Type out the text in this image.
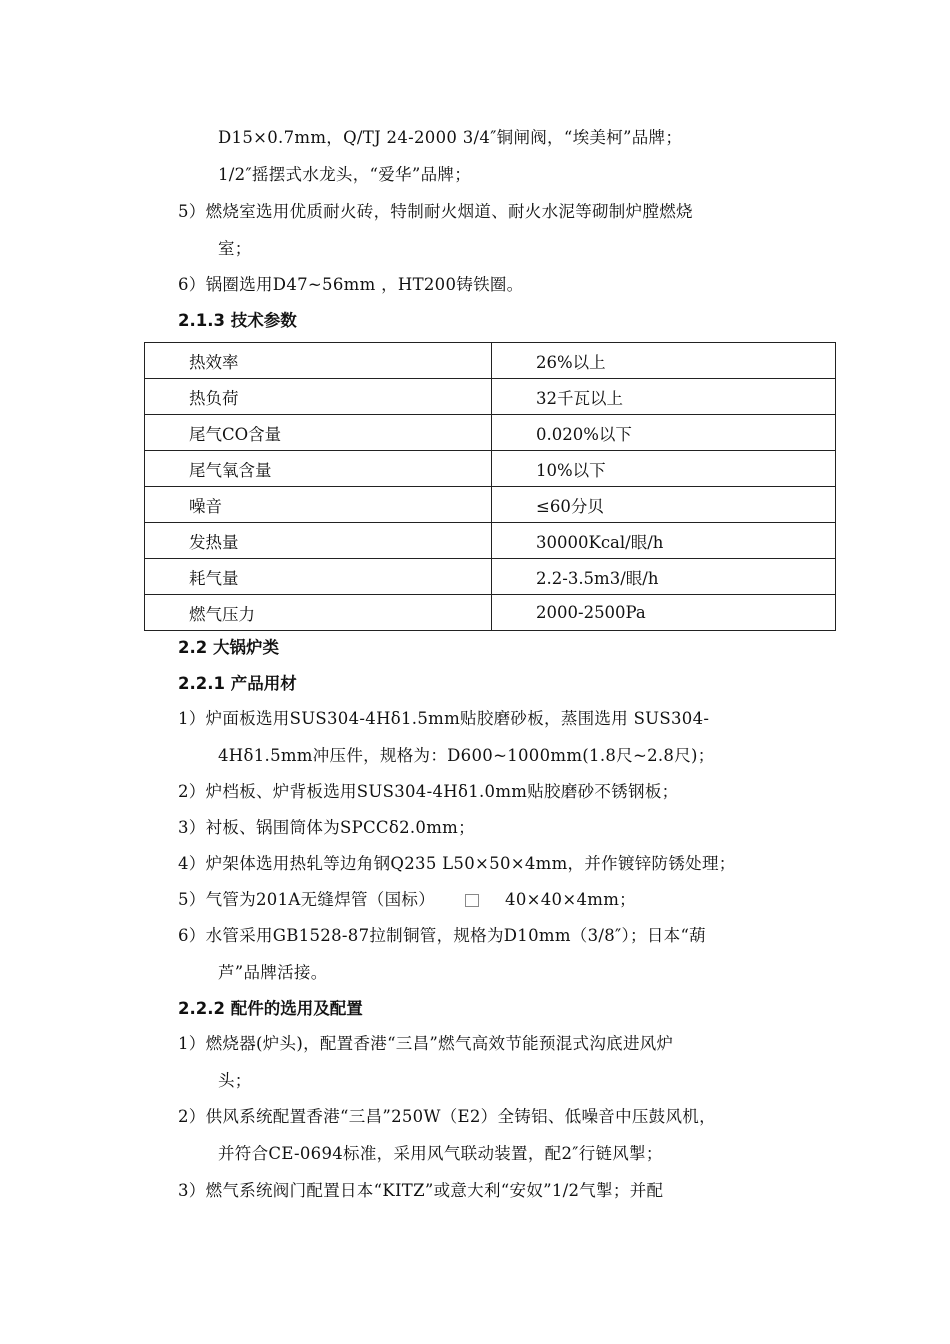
D15×0.7mm，Q/TJ 24-2000 3/4″铜闸阀，“埃美柯”品牌；
1/2″摇摆式水龙头，“爱华”品牌；
5）燃烧室选用优质耐火砖，特制耐火烟道、耐火水泥等砌制炉膛燃烧
室；
6）锅圈选用D47~56mm ，HT200铸铁圈。
2.1.3 技术参数
热效率	26%以上
热负荷	32千瓦以上
尾气CO含量	0.020%以下
尾气氧含量	10%以下
噪音	≤60分贝
发热量	30000Kcal/眼/h
耗气量	2.2-3.5m3/眼/h
燃气压力	2000-2500Pa
2.2 大锅炉类
2.2.1 产品用材
1）炉面板选用SUS304-4Hδ1.5mm贴胶磨砂板，蒸围选用 SUS304-
4Hδ1.5mm冲压件，规格为：D600~1000mm(1.8尺~2.8尺)；
2）炉档板、炉背板选用SUS304-4Hδ1.0mm贴胶磨砂不锈钢板；
3）衬板、锅围筒体为SPCCδ2.0mm；
4）炉架体选用热轧等边角钢Q235 L50×50×4mm，并作镀锌防锈处理；
5）气管为201A无缝焊管（国标）	40×40×4mm；
6）水管采用GB1528-87拉制铜管，规格为D10mm（3/8″）；日本“葫
芦”品牌活接。
2.2.2 配件的选用及配置
1）燃烧器(炉头)，配置香港“三昌”燃气高效节能预混式沟底进风炉
头；
2）供风系统配置香港“三昌”250W（E2）全铸铝、低噪音中压鼓风机，
并符合CE-0694标准，采用风气联动装置，配2″行链风掣；
3）燃气系统阀门配置日本“KITZ”或意大利“安奴”1/2气掣；并配
